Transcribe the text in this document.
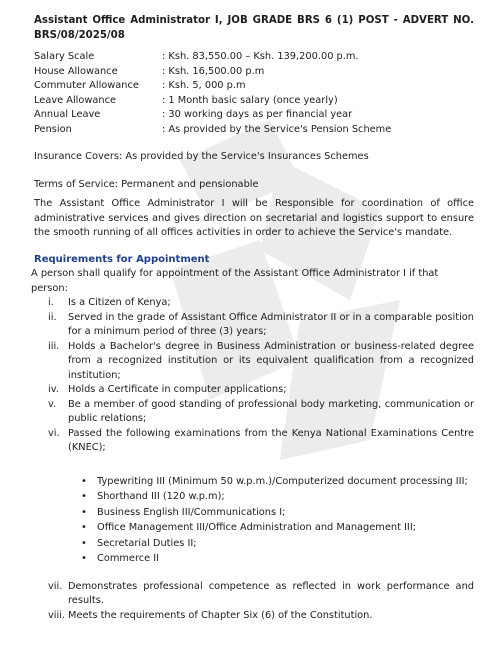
Assistant Office Administrator I, JOB GRADE BRS 6 (1) POST - ADVERT NO. BRS/08/2025/08
Salary Scale	: Ksh. 83,550.00 – Ksh. 139,200.00 p.m.
House Allowance	: Ksh. 16,500.00 p.m
Commuter Allowance	: Ksh. 5, 000 p.m
Leave Allowance	: 1 Month basic salary (once yearly)
Annual Leave	: 30 working days as per financial year
Pension	: As provided by the Service's Pension Scheme

Insurance Covers: As provided by the Service's Insurances Schemes

Terms of Service: Permanent and pensionable

The Assistant Office Administrator I will be Responsible for coordination of office administrative services and gives direction on secretarial and logistics support to ensure the smooth running of all offices activities in order to achieve the Service's mandate.

Requirements for Appointment

A person shall qualify for appointment of the Assistant Office Administrator I if that person:

i.	Is a Citizen of Kenya;
ii.	Served in the grade of Assistant Office Administrator II or in a comparable position for a minimum period of three (3) years;
iii. Holds a Bachelor's degree in Business Administration or business-related degree from a recognized institution or its equivalent qualification from a recognized institution;
iv. Holds a Certificate in computer applications;
v.	Be a member of good standing of professional body marketing, communication or public relations;
vi. Passed the following examinations from the Kenya National Examinations Centre (KNEC);
•	Typewriting III (Minimum 50 w.p.m.)/Computerized document processing III;
•	Shorthand III (120 w.p.m);
•	Business English III/Communications I;
•	Office Management III/Office Administration and Management III;
•	Secretarial Duties II;
•	Commerce II
vii. Demonstrates professional competence as reflected in work performance and results.
viii. Meets the requirements of Chapter Six (6) of the Constitution.
